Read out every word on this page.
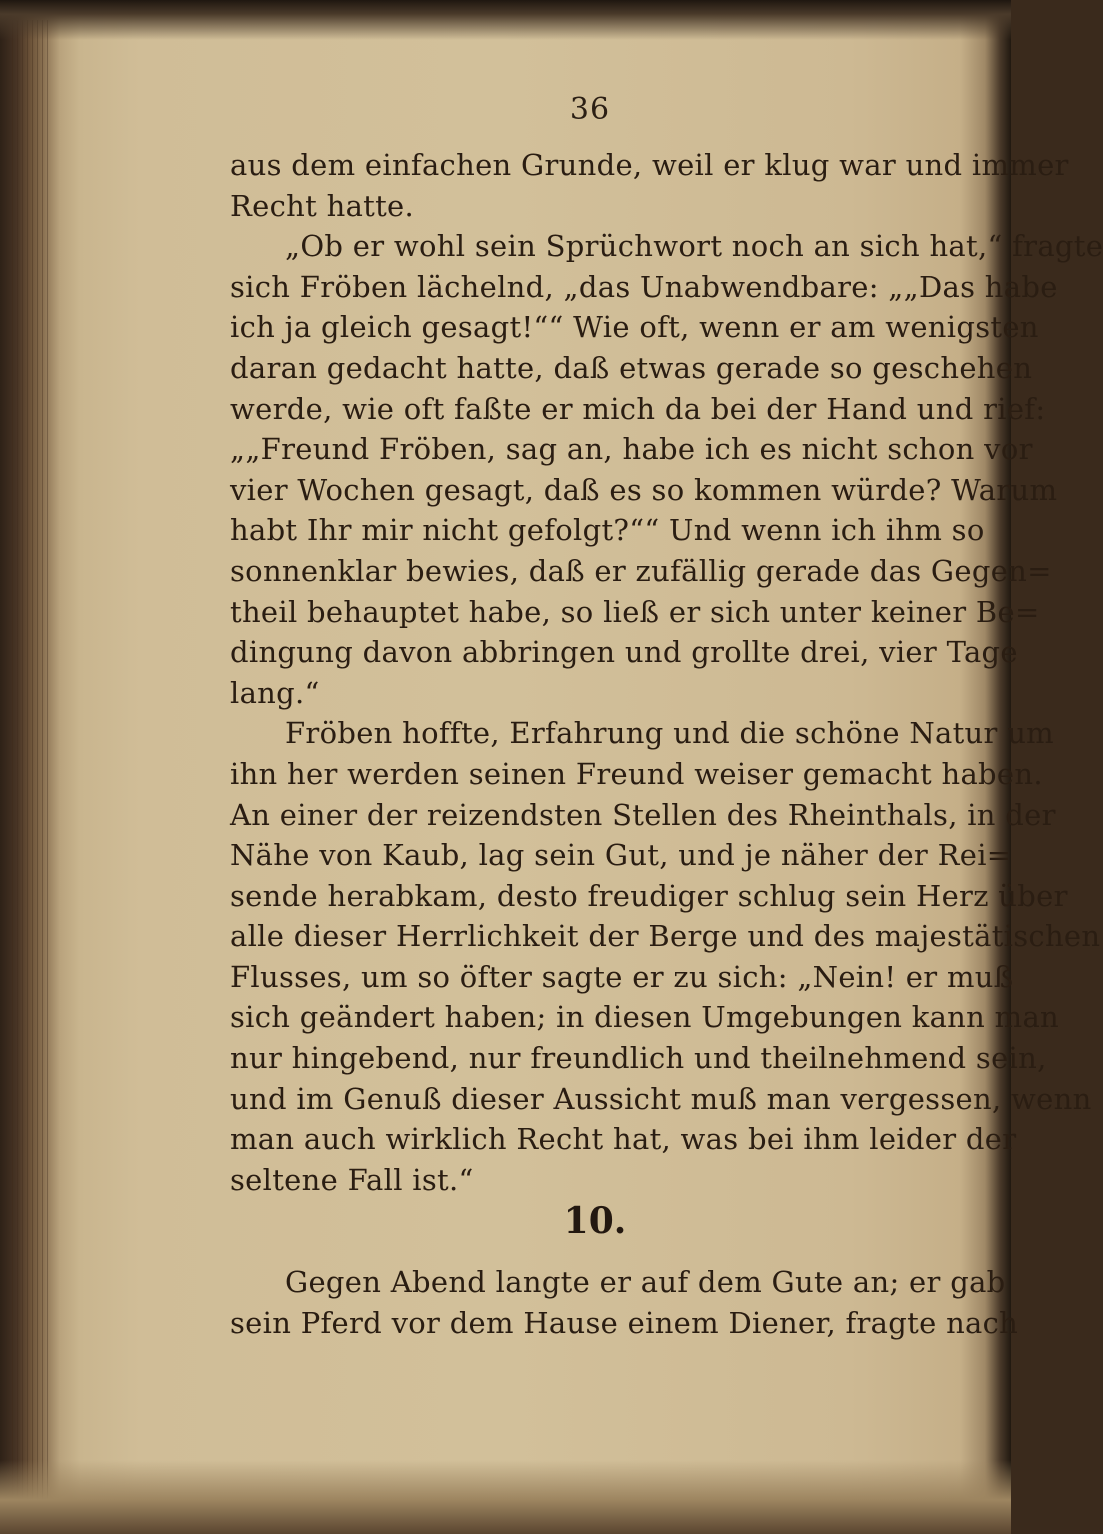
36
aus dem einfachen Grunde, weil er klug war und immer
Recht hatte.
„Ob er wohl sein Sprüchwort noch an sich hat,“ fragte
sich Fröben lächelnd, „das Unabwendbare: „„Das habe
ich ja gleich gesagt!““ Wie oft, wenn er am wenigsten
daran gedacht hatte, daß etwas gerade so geschehen
werde, wie oft faßte er mich da bei der Hand und rief:
„„Freund Fröben, sag an, habe ich es nicht schon vor
vier Wochen gesagt, daß es so kommen würde? Warum
habt Ihr mir nicht gefolgt?““ Und wenn ich ihm so
sonnenklar bewies, daß er zufällig gerade das Gegen=
theil behauptet habe, so ließ er sich unter keiner Be=
dingung davon abbringen und grollte drei, vier Tage
lang.“
Fröben hoffte, Erfahrung und die schöne Natur um
ihn her werden seinen Freund weiser gemacht haben.
An einer der reizendsten Stellen des Rheinthals, in der
Nähe von Kaub, lag sein Gut, und je näher der Rei=
sende herabkam, desto freudiger schlug sein Herz über
alle dieser Herrlichkeit der Berge und des majestätischen
Flusses, um so öfter sagte er zu sich: „Nein! er muß
sich geändert haben; in diesen Umgebungen kann man
nur hingebend, nur freundlich und theilnehmend sein,
und im Genuß dieser Aussicht muß man vergessen, wenn
man auch wirklich Recht hat, was bei ihm leider der
seltene Fall ist.“
10.
Gegen Abend langte er auf dem Gute an; er gab
sein Pferd vor dem Hause einem Diener, fragte nach
